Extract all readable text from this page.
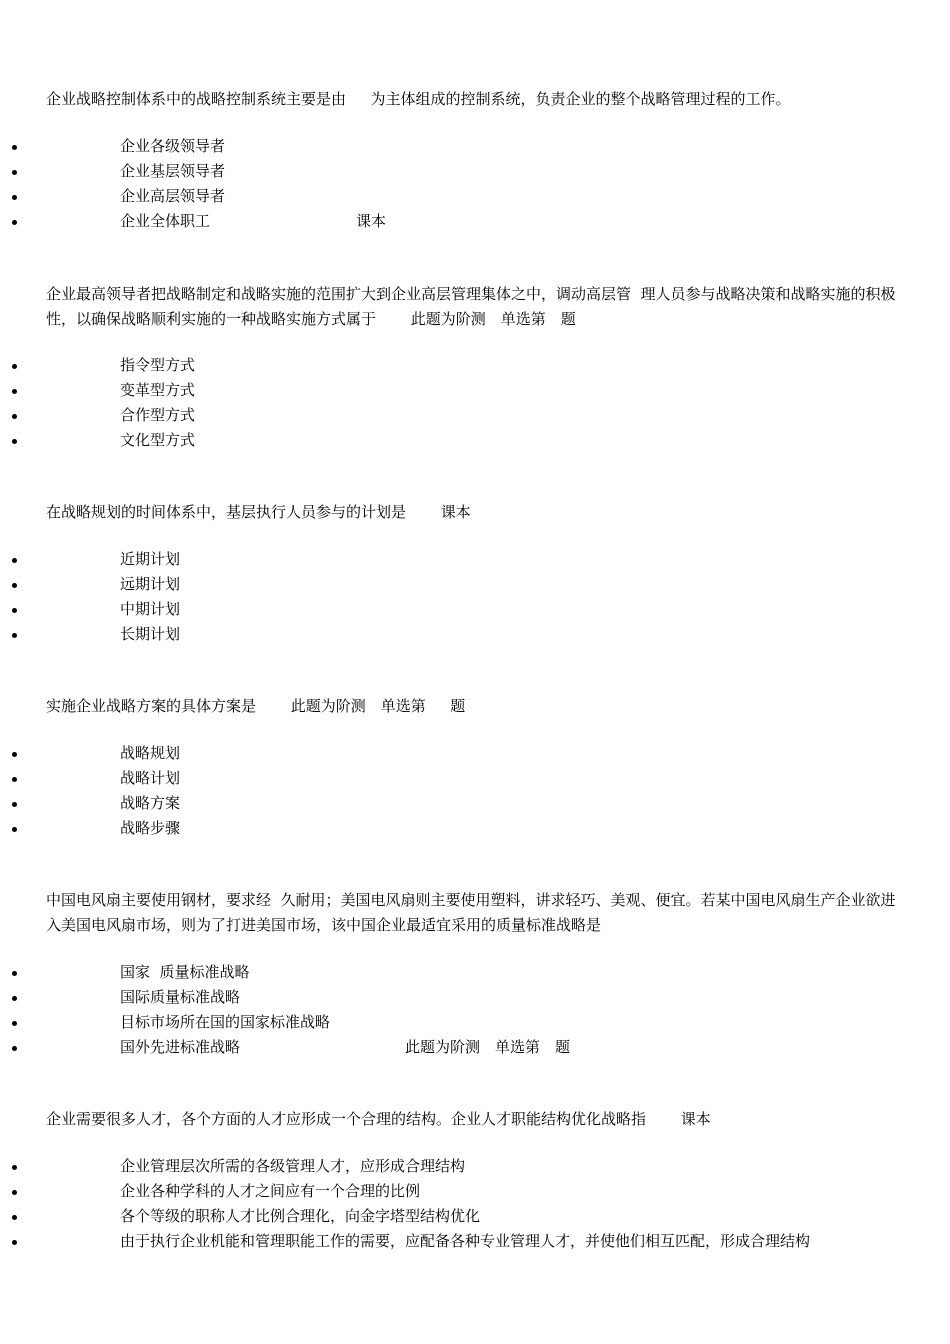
企业战略控制体系中的战略控制系统主要是由 　 为主体组成的控制系统，负责企业的整个战略管理过程的工作。

企业各级领导者
企业基层领导者
企业高层领导者
企业全体职工	课本

企业最高领导者把战略制定和战略实施的范围扩大到企业高层管理集体之中，调动高层管  理人员参与战略决策和战略实施的积极性，以确保战略顺利实施的一种战略实施方式属于 　　此题为阶测　单选第　题

指令型方式
变革型方式
合作型方式
文化型方式

在战略规划的时间体系中，基层执行人员参与的计划是 　　课本

近期计划
远期计划
中期计划
长期计划

实施企业战略方案的具体方案是 　　此题为阶测　单选第 　 题

战略规划
战略计划
战略方案
战略步骤

中国电风扇主要使用钢材，要求经  久耐用；美国电风扇则主要使用塑料，讲求轻巧、美观、便宜。若某中国电风扇生产企业欲进入美国电风扇市场，则为了打进美国市场，该中国企业最适宜采用的质量标准战略是

国家  质量标准战略
国际质量标准战略
目标市场所在国的国家标准战略
国外先进标准战略	此题为阶测　单选第　题

企业需要很多人才，各个方面的人才应形成一个合理的结构。企业人才职能结构优化战略指 　　课本

企业管理层次所需的各级管理人才，应形成合理结构
企业各种学科的人才之间应有一个合理的比例
各个等级的职称人才比例合理化，向金字塔型结构优化
由于执行企业机能和管理职能工作的需要，应配备各种专业管理人才，并使他们相互匹配，形成合理结构
